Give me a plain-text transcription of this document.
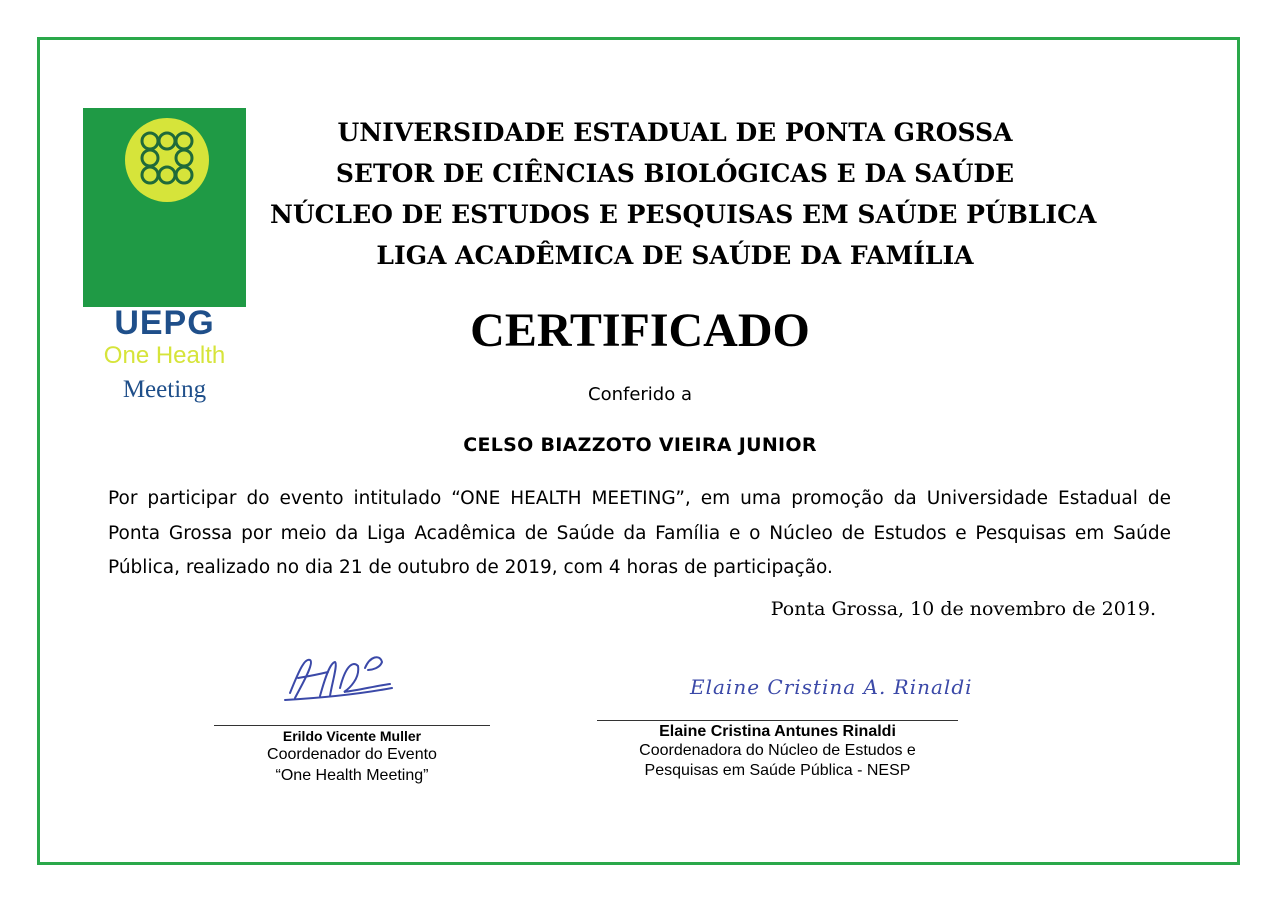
UEPG
One Health
Meeting
UNIVERSIDADE ESTADUAL DE PONTA GROSSA
SETOR DE CIÊNCIAS BIOLÓGICAS E DA SAÚDE
NÚCLEO DE ESTUDOS E PESQUISAS EM SAÚDE PÚBLICA
LIGA ACADÊMICA DE SAÚDE DA FAMÍLIA
CERTIFICADO
Conferido a
CELSO BIAZZOTO VIEIRA JUNIOR
Por participar do evento intitulado “ONE HEALTH MEETING”, em uma promoção da Universidade Estadual de Ponta Grossa por meio da Liga Acadêmica de Saúde da Família e o Núcleo de Estudos e Pesquisas em Saúde Pública, realizado no dia 21 de outubro de 2019, com 4 horas de participação.
Ponta Grossa, 10 de novembro de 2019.
Erildo Vicente Muller
Coordenador do Evento
“One Health Meeting”
Elaine Cristina A. Rinaldi
Elaine Cristina Antunes Rinaldi
Coordenadora do Núcleo de Estudos e
Pesquisas em Saúde Pública - NESP
